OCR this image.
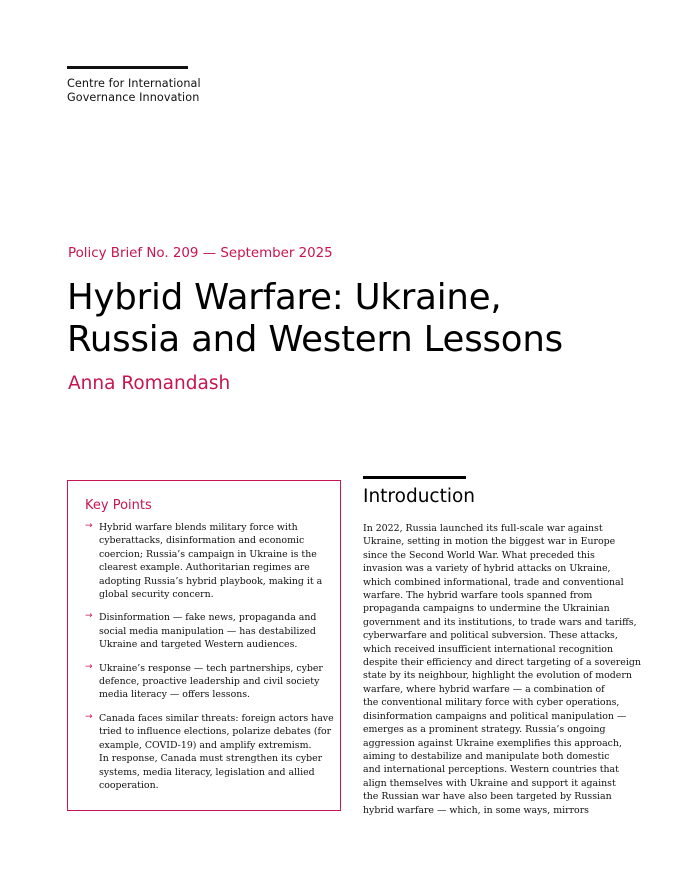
Centre for International
Governance Innovation
Policy Brief No. 209 — September 2025
Hybrid Warfare: Ukraine,
Russia and Western Lessons
Anna Romandash
Key Points
→ Hybrid warfare blends military force with
cyberattacks, disinformation and economic
coercion; Russia’s campaign in Ukraine is the
clearest example. Authoritarian regimes are
adopting Russia’s hybrid playbook, making it a
global security concern.
→ Disinformation — fake news, propaganda and
social media manipulation — has destabilized
Ukraine and targeted Western audiences.
→ Ukraine’s response — tech partnerships, cyber
defence, proactive leadership and civil society
media literacy — offers lessons.
→ Canada faces similar threats: foreign actors have
tried to influence elections, polarize debates (for
example, COVID-19) and amplify extremism.
In response, Canada must strengthen its cyber
systems, media literacy, legislation and allied
cooperation.
Introduction
In 2022, Russia launched its full-scale war against
Ukraine, setting in motion the biggest war in Europe
since the Second World War. What preceded this
invasion was a variety of hybrid attacks on Ukraine,
which combined informational, trade and conventional
warfare. The hybrid warfare tools spanned from
propaganda campaigns to undermine the Ukrainian
government and its institutions, to trade wars and tariffs,
cyberwarfare and political subversion. These attacks,
which received insufficient international recognition
despite their efficiency and direct targeting of a sovereign
state by its neighbour, highlight the evolution of modern
warfare, where hybrid warfare — a combination of
the conventional military force with cyber operations,
disinformation campaigns and political manipulation —
emerges as a prominent strategy. Russia’s ongoing
aggression against Ukraine exemplifies this approach,
aiming to destabilize and manipulate both domestic
and international perceptions. Western countries that
align themselves with Ukraine and support it against
the Russian war have also been targeted by Russian
hybrid warfare — which, in some ways, mirrors
